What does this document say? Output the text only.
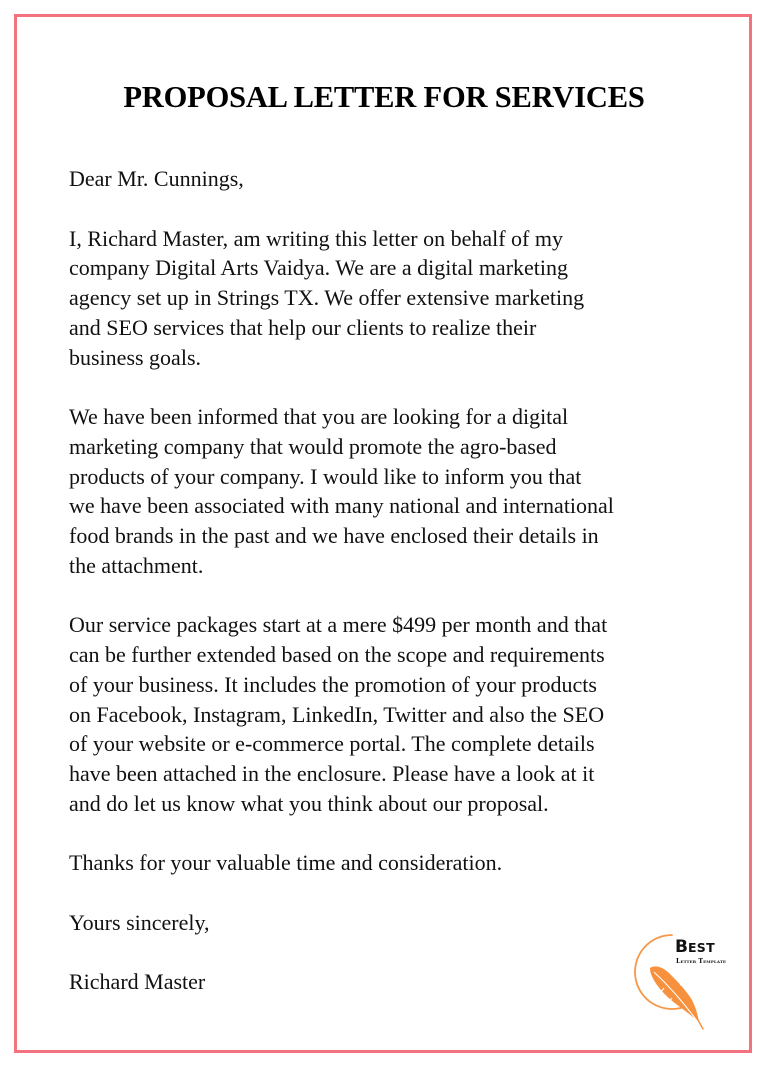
PROPOSAL LETTER FOR SERVICES

Dear Mr. Cunnings,

I, Richard Master, am writing this letter on behalf of my
company Digital Arts Vaidya. We are a digital marketing
agency set up in Strings TX. We offer extensive marketing
and SEO services that help our clients to realize their
business goals.

We have been informed that you are looking for a digital
marketing company that would promote the agro-based
products of your company. I would like to inform you that
we have been associated with many national and international
food brands in the past and we have enclosed their details in
the attachment.

Our service packages start at a mere $499 per month and that
can be further extended based on the scope and requirements
of your business. It includes the promotion of your products
on Facebook, Instagram, LinkedIn, Twitter and also the SEO
of your website or e-commerce portal. The complete details
have been attached in the enclosure. Please have a look at it
and do let us know what you think about our proposal.

Thanks for your valuable time and consideration.

Yours sincerely,

Richard Master

BEST
Letter Template
